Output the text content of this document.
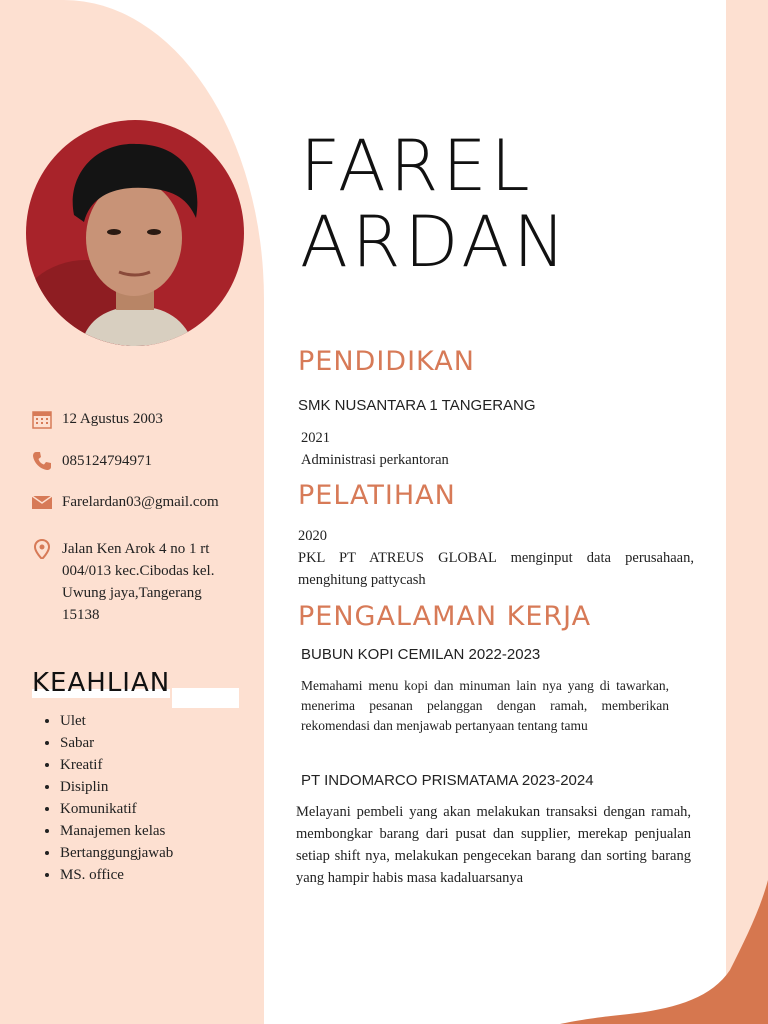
FAREL
ARDAN
12 Agustus 2003
085124794971
Farelardan03@gmail.com
Jalan Ken Arok 4 no 1 rt
004/013 kec.Cibodas kel.
Uwung jaya,Tangerang
15138
KEAHLIAN
• Ulet
• Sabar
• Kreatif
• Disiplin
• Komunikatif
• Manajemen kelas
• Bertanggungjawab
• MS. office
PENDIDIKAN

SMK NUSANTARA 1 TANGERANG

2021

Administrasi perkantoran

PELATIHAN

2020

PKL PT ATREUS GLOBAL menginput data perusahaan, menghitung pattycash

PENGALAMAN KERJA

BUBUN KOPI CEMILAN 2022-2023

Memahami menu kopi dan minuman lain nya yang di tawarkan, menerima pesanan pelanggan dengan ramah, memberikan rekomendasi dan menjawab pertanyaan tentang tamu

PT INDOMARCO PRISMATAMA 2023-2024

Melayani pembeli yang akan melakukan transaksi dengan ramah, membongkar barang dari pusat dan supplier, merekap penjualan setiap shift nya, melakukan pengecekan barang dan sorting barang yang hampir habis masa kadaluarsanya
